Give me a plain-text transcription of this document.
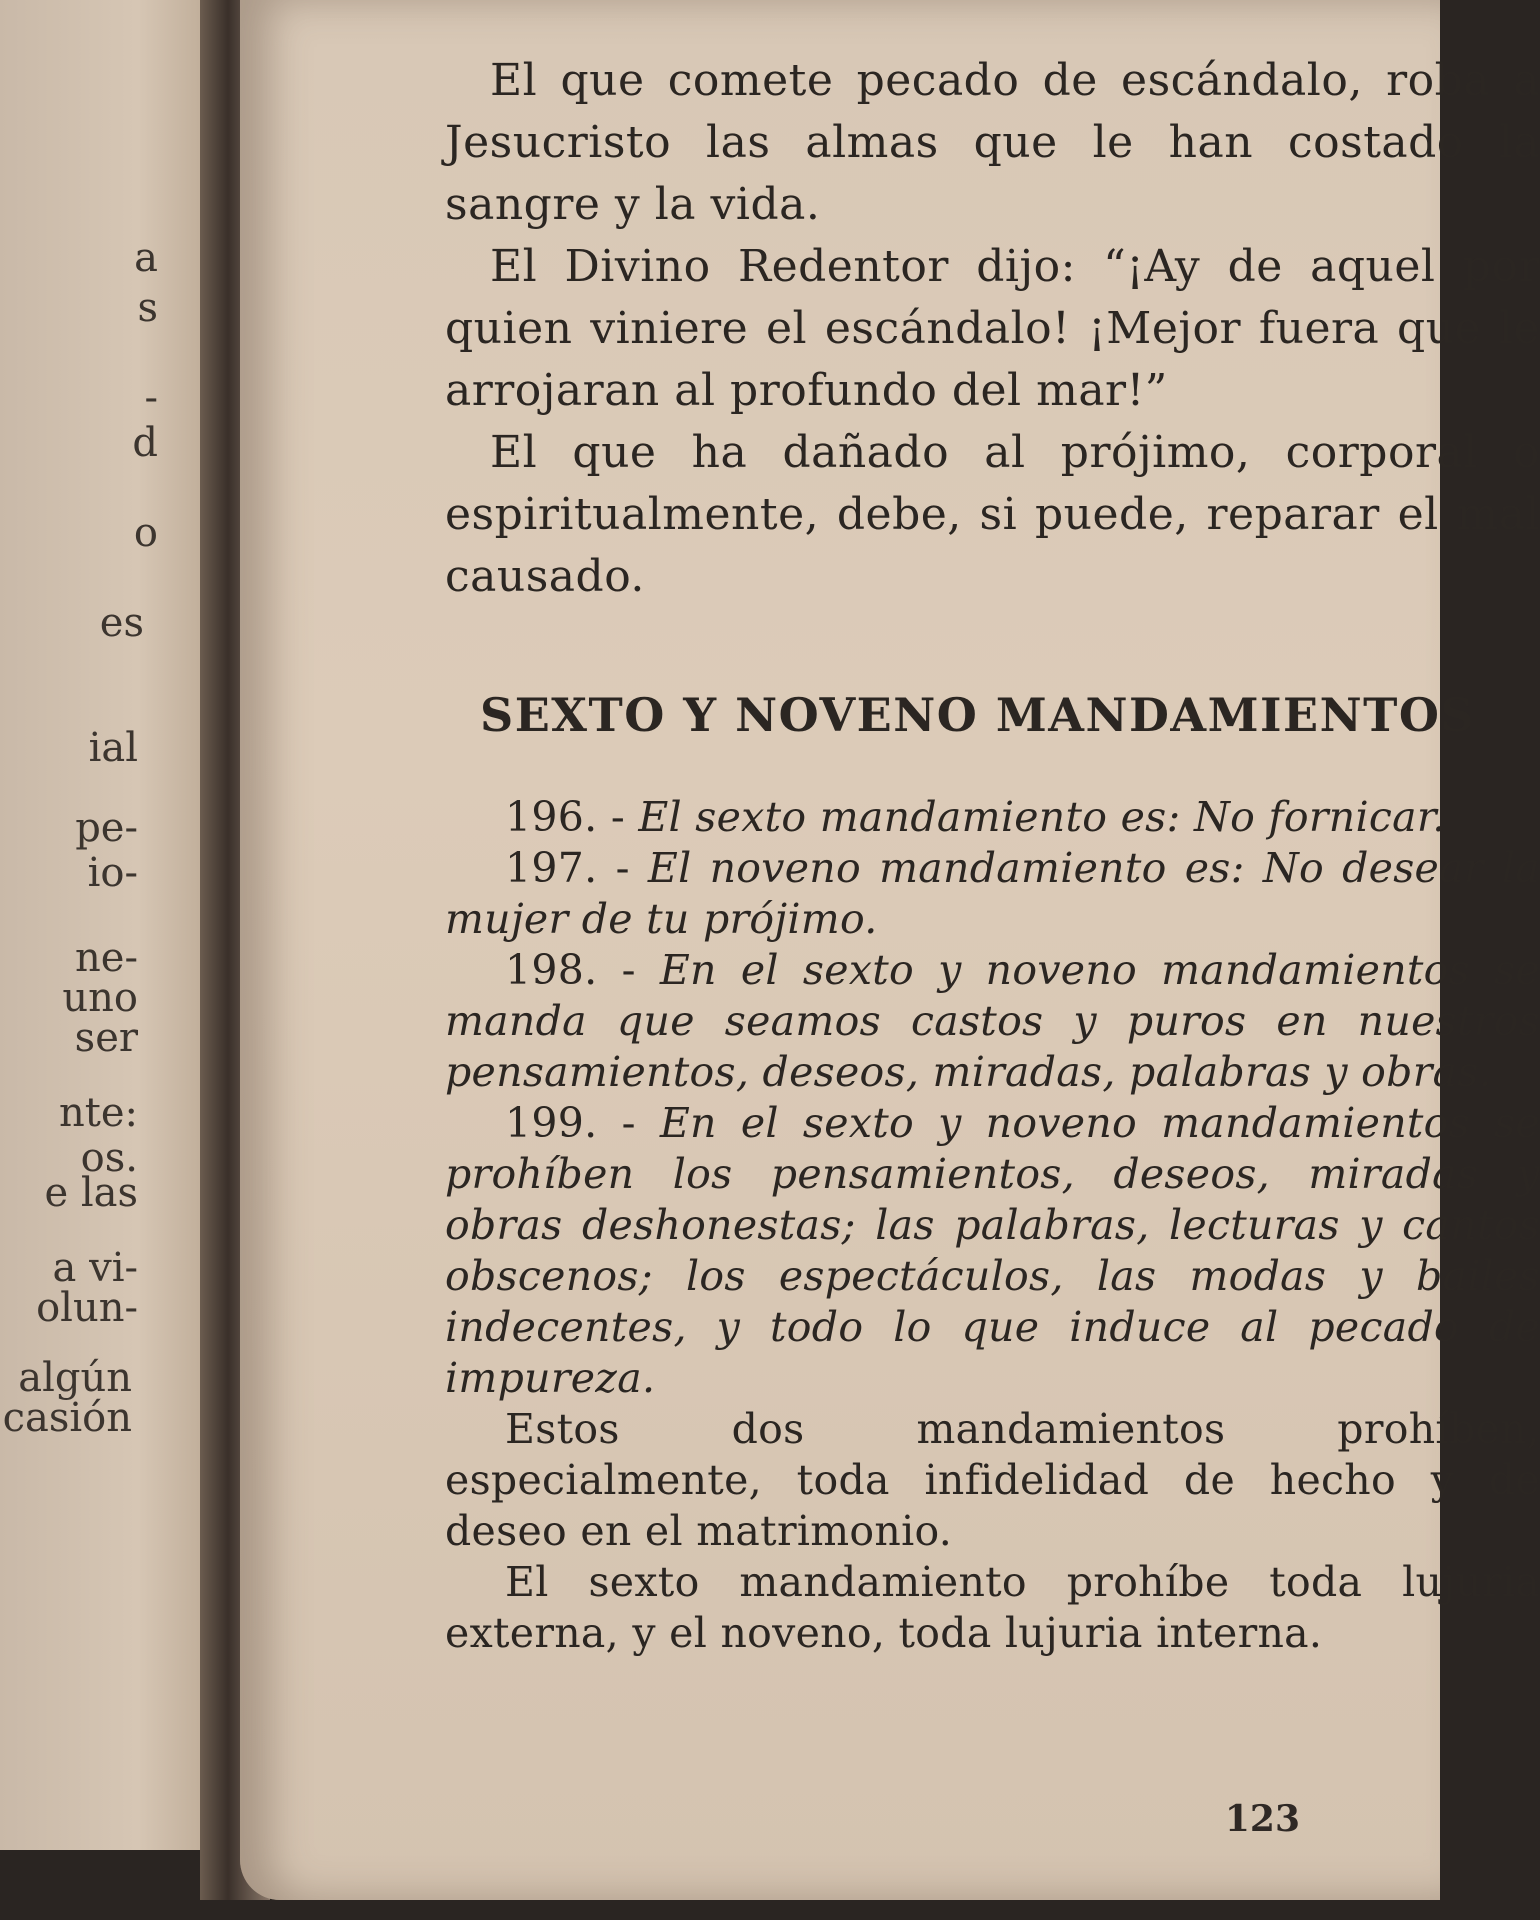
a
s
-
d
o
es
ial
pe-
io-
ne-
uno
ser
nte:
os.
e las
a vi-
olun-
algún
casión

El que comete pecado de escándalo, roba a Jesucristo las almas que le han costado la sangre y la vida.

El Divino Redentor dijo: “¡Ay de aquel por quien viniere el escándalo! ¡Mejor fuera que le arrojaran al profundo del mar!”

El que ha dañado al prójimo, corporal o espiritualmente, debe, si puede, reparar el mal causado.

SEXTO Y NOVENO MANDAMIENTOS

196. - El sexto mandamiento es: No fornicar.

197. - El noveno mandamiento es: No desear la mujer de tu prójimo.

198. - En el sexto y noveno mandamientos se manda que seamos castos y puros en nuestros pensamientos, deseos, miradas, palabras y obras.

199. - En el sexto y noveno mandamientos se prohíben los pensamientos, deseos, miradas y obras deshonestas; las palabras, lecturas y cantos obscenos; los espectáculos, las modas y bailes indecentes, y todo lo que induce al pecado de impureza.

Estos dos mandamientos prohíben, especialmente, toda infidelidad de hecho y de deseo en el matrimonio.

El sexto mandamiento prohíbe toda lujuria externa, y el noveno, toda lujuria interna.

123
